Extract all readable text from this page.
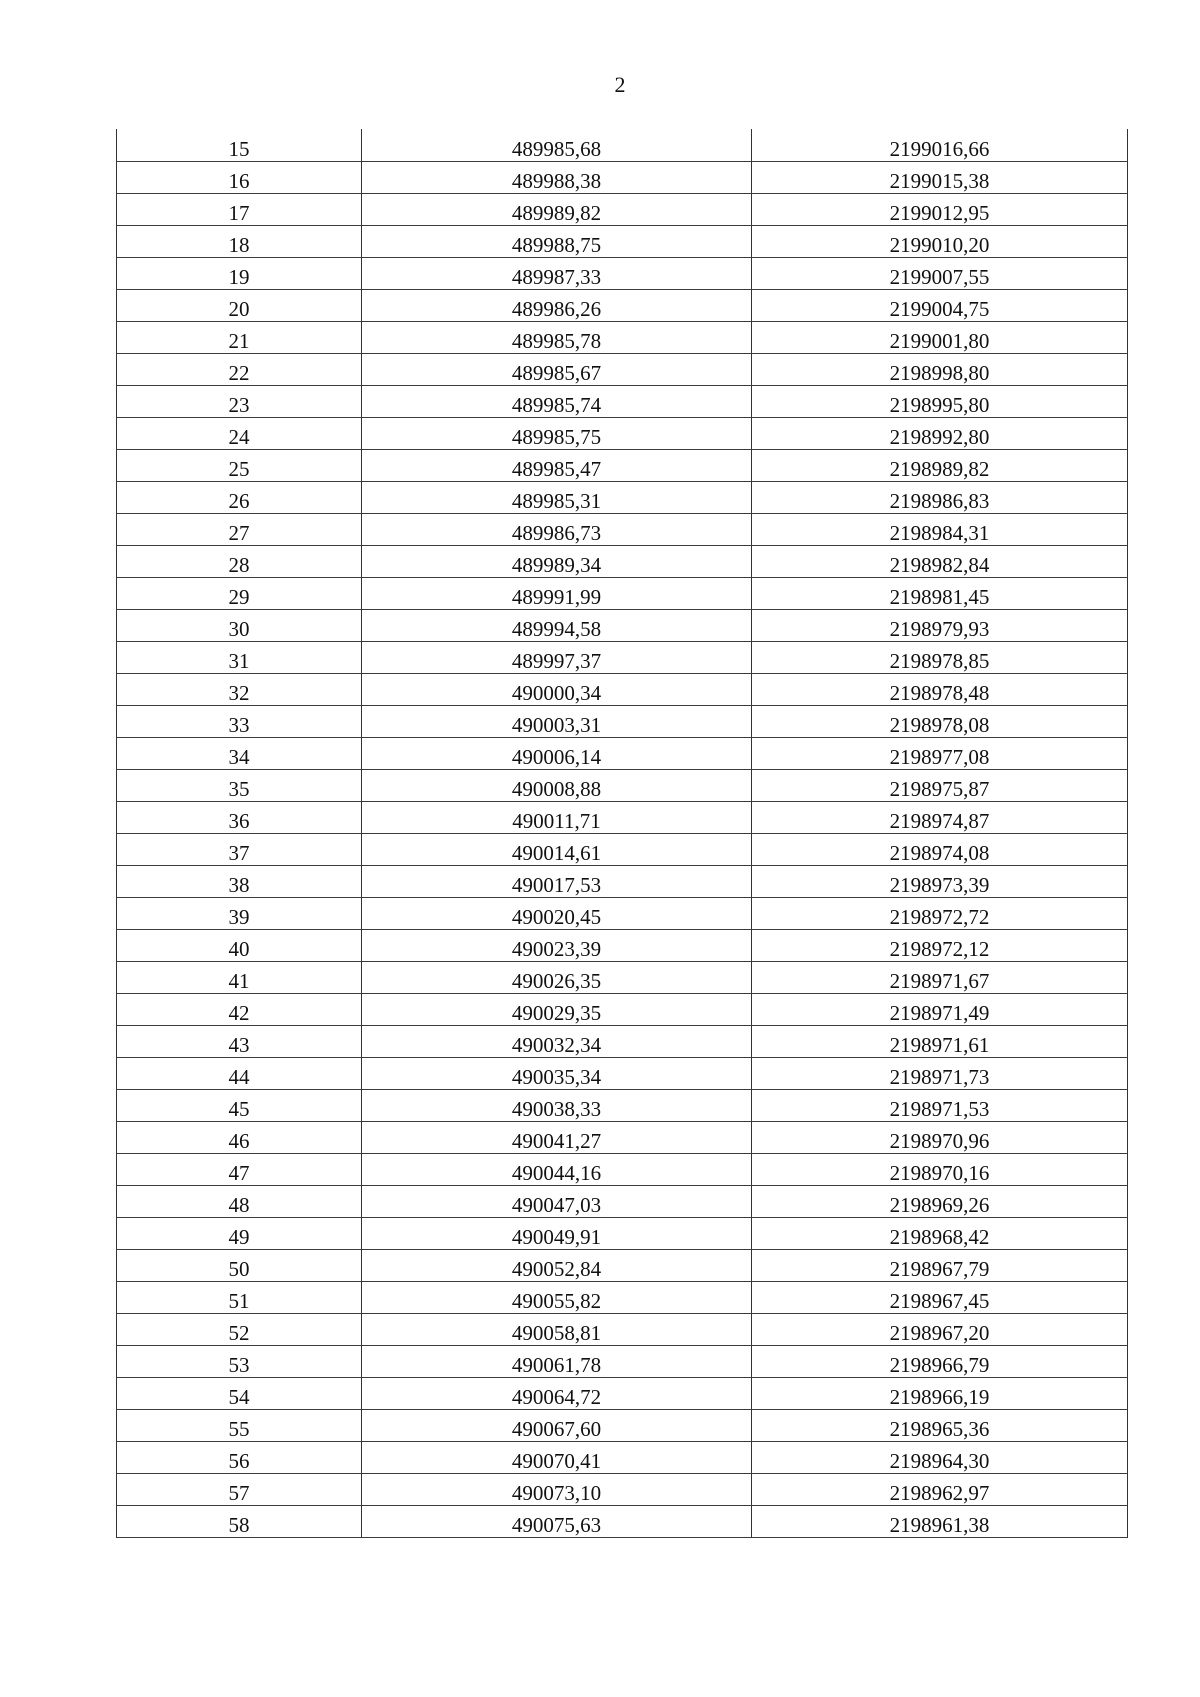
2
15	489985,68	2199016,66
16	489988,38	2199015,38
17	489989,82	2199012,95
18	489988,75	2199010,20
19	489987,33	2199007,55
20	489986,26	2199004,75
21	489985,78	2199001,80
22	489985,67	2198998,80
23	489985,74	2198995,80
24	489985,75	2198992,80
25	489985,47	2198989,82
26	489985,31	2198986,83
27	489986,73	2198984,31
28	489989,34	2198982,84
29	489991,99	2198981,45
30	489994,58	2198979,93
31	489997,37	2198978,85
32	490000,34	2198978,48
33	490003,31	2198978,08
34	490006,14	2198977,08
35	490008,88	2198975,87
36	490011,71	2198974,87
37	490014,61	2198974,08
38	490017,53	2198973,39
39	490020,45	2198972,72
40	490023,39	2198972,12
41	490026,35	2198971,67
42	490029,35	2198971,49
43	490032,34	2198971,61
44	490035,34	2198971,73
45	490038,33	2198971,53
46	490041,27	2198970,96
47	490044,16	2198970,16
48	490047,03	2198969,26
49	490049,91	2198968,42
50	490052,84	2198967,79
51	490055,82	2198967,45
52	490058,81	2198967,20
53	490061,78	2198966,79
54	490064,72	2198966,19
55	490067,60	2198965,36
56	490070,41	2198964,30
57	490073,10	2198962,97
58	490075,63	2198961,38
